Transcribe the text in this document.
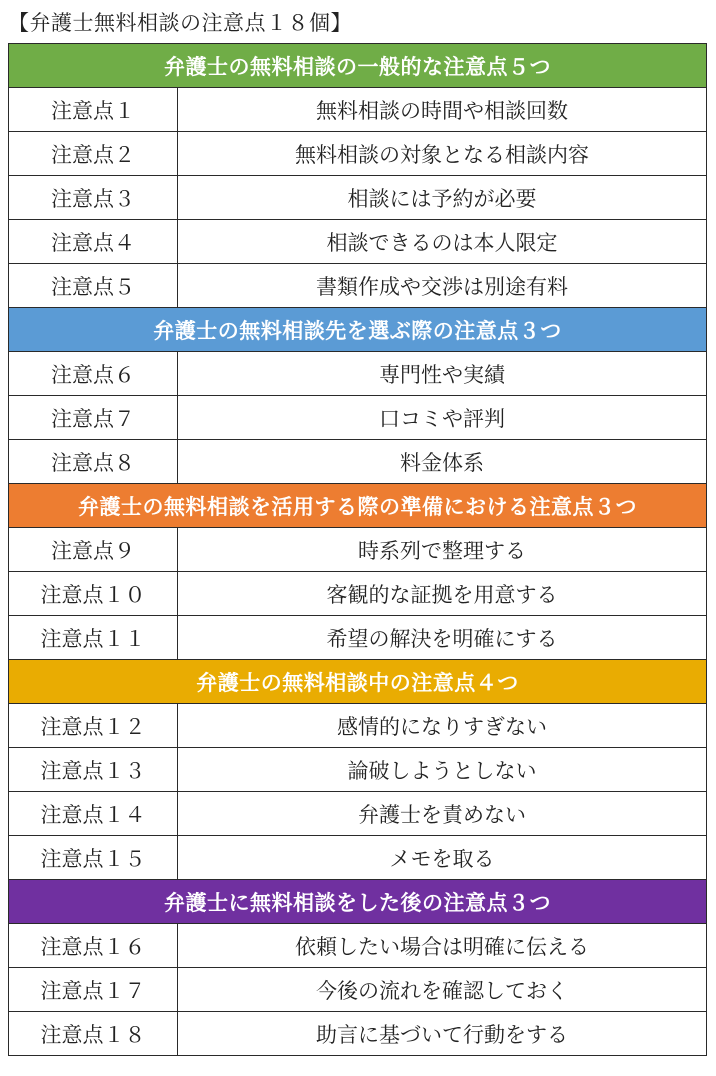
【弁護士無料相談の注意点１８個】
弁護士の無料相談の一般的な注意点５つ	
注意点１	無料相談の時間や相談回数
注意点２	無料相談の対象となる相談内容
注意点３	相談には予約が必要
注意点４	相談できるのは本人限定
注意点５	書類作成や交渉は別途有料
弁護士の無料相談先を選ぶ際の注意点３つ	
注意点６	専門性や実績
注意点７	口コミや評判
注意点８	料金体系
弁護士の無料相談を活用する際の準備における注意点３つ	
注意点９	時系列で整理する
注意点１０	客観的な証拠を用意する
注意点１１	希望の解決を明確にする
弁護士の無料相談中の注意点４つ	
注意点１２	感情的になりすぎない
注意点１３	論破しようとしない
注意点１４	弁護士を責めない
注意点１５	メモを取る
弁護士に無料相談をした後の注意点３つ	
注意点１６	依頼したい場合は明確に伝える
注意点１７	今後の流れを確認しておく
注意点１８	助言に基づいて行動をする
